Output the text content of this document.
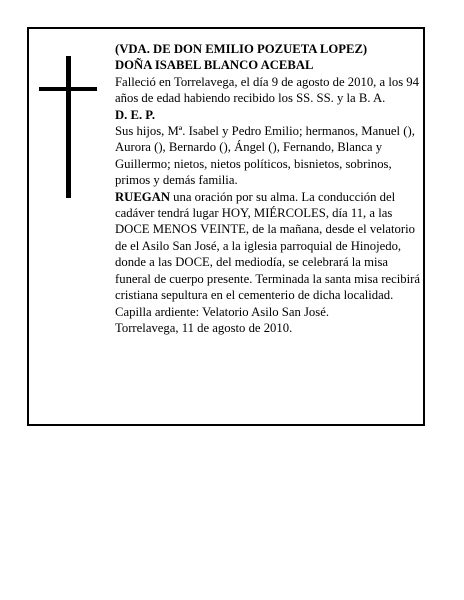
(VDA. DE DON EMILIO POZUETA LOPEZ)

DOÑA ISABEL BLANCO ACEBAL

Falleció en Torrelavega, el día 9 de agosto de 2010, a los 94 años de edad habiendo recibido los SS. SS. y la B. A.

D. E. P.

Sus hijos, Mª. Isabel y Pedro Emilio; hermanos, Manuel (), Aurora (), Bernardo (), Ángel (), Fernando, Blanca y Guillermo; nietos, nietos políticos, bisnietos, sobrinos, primos y demás familia.

RUEGAN una oración por su alma. La conducción del cadáver tendrá lugar HOY, MIÉRCOLES, día 11, a las DOCE MENOS VEINTE, de la mañana, desde el velatorio de el Asilo San José, a la iglesia parroquial de Hinojedo, donde a las DOCE, del mediodía, se celebrará la misa funeral de cuerpo presente. Terminada la santa misa recibirá cristiana sepultura en el cementerio de dicha localidad. Capilla ardiente: Velatorio Asilo San José.

Torrelavega, 11 de agosto de 2010.
